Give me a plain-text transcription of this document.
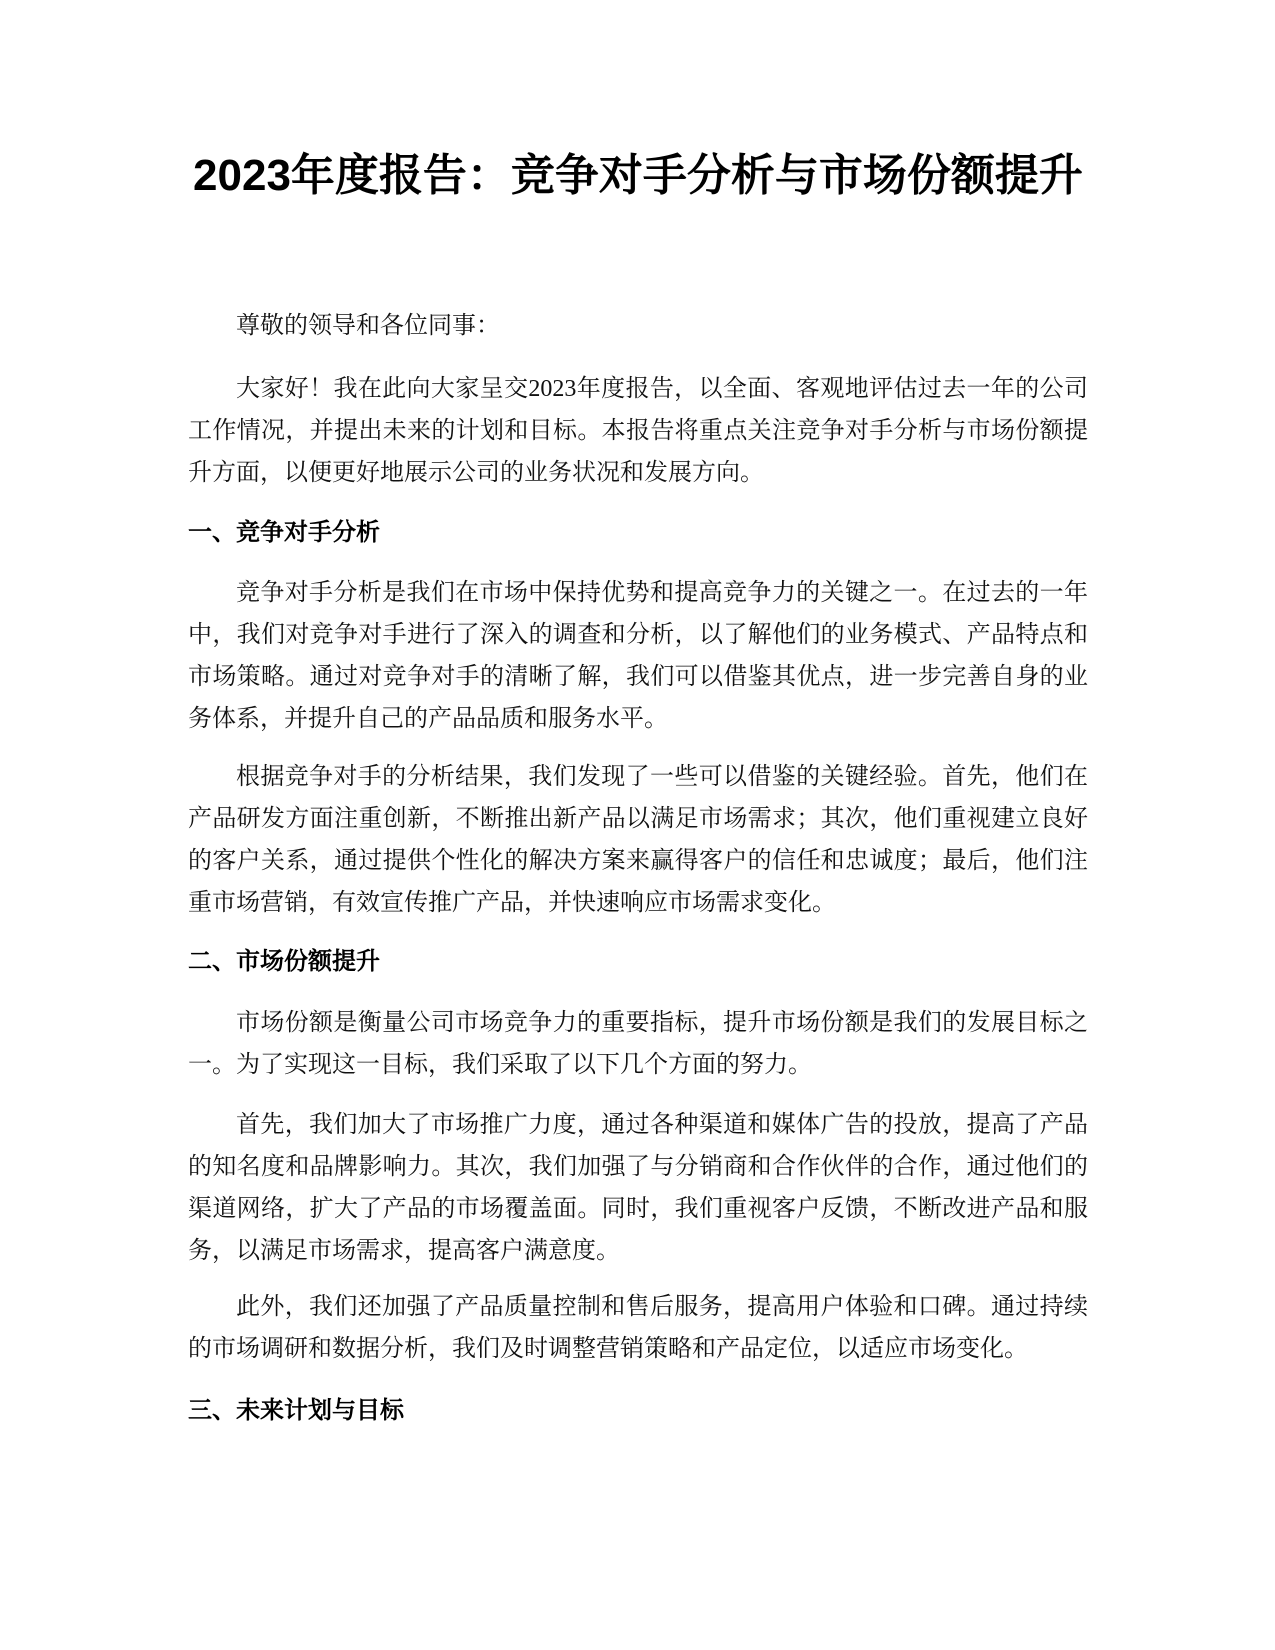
2023年度报告：竞争对手分析与市场份额提升

尊敬的领导和各位同事：

大家好！我在此向大家呈交2023年度报告，以全面、客观地评估过去一年的公司工作情况，并提出未来的计划和目标。本报告将重点关注竞争对手分析与市场份额提升方面，以便更好地展示公司的业务状况和发展方向。

一、竞争对手分析

竞争对手分析是我们在市场中保持优势和提高竞争力的关键之一。在过去的一年中，我们对竞争对手进行了深入的调查和分析，以了解他们的业务模式、产品特点和市场策略。通过对竞争对手的清晰了解，我们可以借鉴其优点，进一步完善自身的业务体系，并提升自己的产品品质和服务水平。

根据竞争对手的分析结果，我们发现了一些可以借鉴的关键经验。首先，他们在产品研发方面注重创新，不断推出新产品以满足市场需求；其次，他们重视建立良好的客户关系，通过提供个性化的解决方案来赢得客户的信任和忠诚度；最后，他们注重市场营销，有效宣传推广产品，并快速响应市场需求变化。

二、市场份额提升

市场份额是衡量公司市场竞争力的重要指标，提升市场份额是我们的发展目标之一。为了实现这一目标，我们采取了以下几个方面的努力。

首先，我们加大了市场推广力度，通过各种渠道和媒体广告的投放，提高了产品的知名度和品牌影响力。其次，我们加强了与分销商和合作伙伴的合作，通过他们的渠道网络，扩大了产品的市场覆盖面。同时，我们重视客户反馈，不断改进产品和服务，以满足市场需求，提高客户满意度。

此外，我们还加强了产品质量控制和售后服务，提高用户体验和口碑。通过持续的市场调研和数据分析，我们及时调整营销策略和产品定位，以适应市场变化。

三、未来计划与目标
